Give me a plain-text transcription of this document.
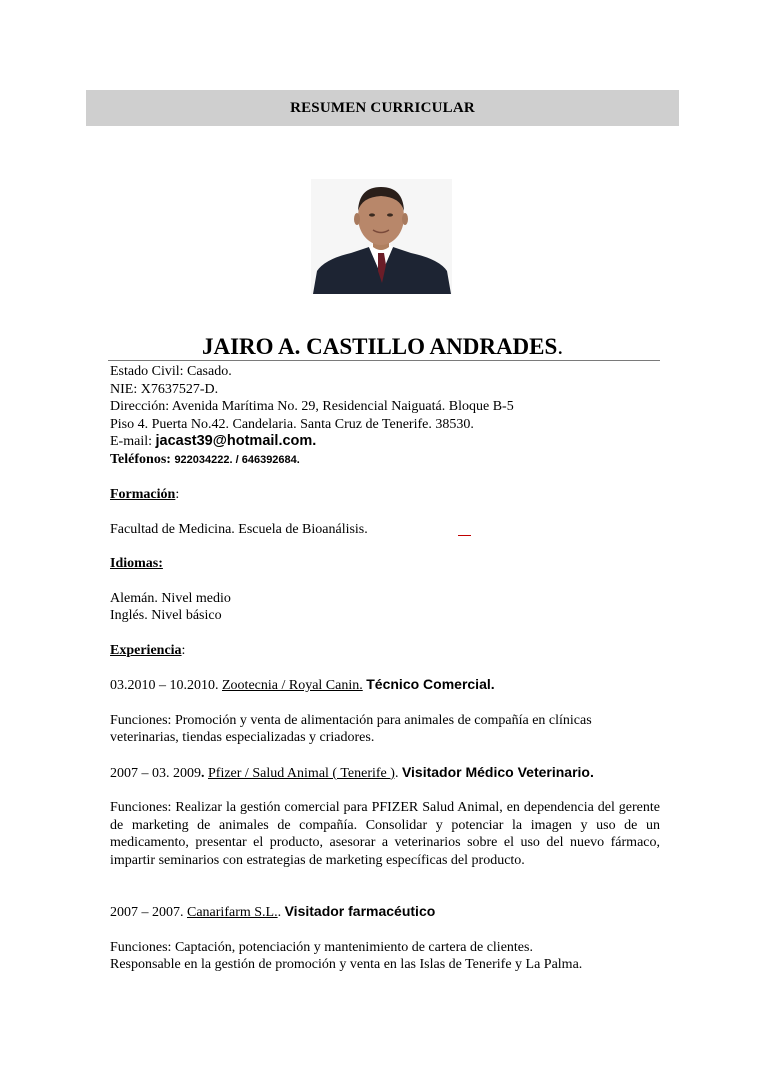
RESUMEN CURRICULAR
JAIRO A. CASTILLO ANDRADES.

Estado Civil: Casado.

NIE: X7637527-D.

Dirección: Avenida Marítima No. 29, Residencial Naiguatá. Bloque B-5

Piso 4. Puerta No.42. Candelaria. Santa Cruz de Tenerife. 38530.

E-mail: jacast39@hotmail.com.

Teléfonos: 922034222. / 646392684.

Formación:

Facultad de Medicina. Escuela de Bioanálisis.

Idiomas:

Alemán. Nivel medio

Inglés. Nivel básico

Experiencia:

03.2010 – 10.2010. Zootecnia / Royal Canin. Técnico Comercial.

Funciones: Promoción y venta de alimentación para animales de compañía en clínicas veterinarias, tiendas especializadas y criadores.

2007 – 03. 2009. Pfizer / Salud Animal ( Tenerife ). Visitador Médico Veterinario.

Funciones: Realizar la gestión comercial para PFIZER Salud Animal, en dependencia del gerente de marketing de animales de compañía. Consolidar y potenciar la imagen y uso de un medicamento, presentar el producto, asesorar a veterinarios sobre el uso del nuevo fármaco, impartir seminarios con estrategias de marketing específicas del producto.

2007 – 2007. Canarifarm S.L.. Visitador farmacéutico

Funciones: Captación, potenciación y mantenimiento de cartera de clientes.

Responsable en la gestión de promoción y venta en las Islas de Tenerife y La Palma.
